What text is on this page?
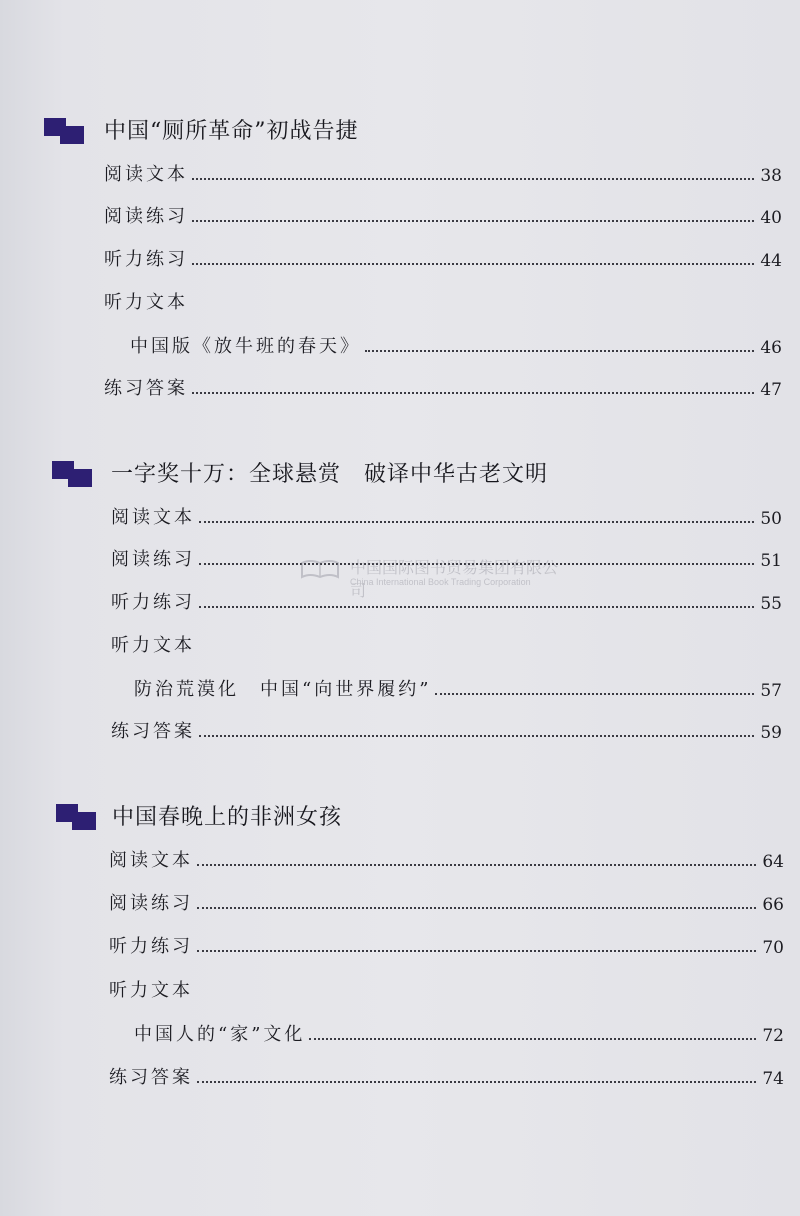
中国“厕所革命”初战告捷
阅读文本	38
阅读练习	40
听力练习	44
听力文本
中国版《放牛班的春天》	46
练习答案	47
一字奖十万：全球悬赏　破译中华古老文明
阅读文本	50
阅读练习	51
听力练习	55
听力文本
防治荒漠化　中国“向世界履约”	57
练习答案	59
中国春晚上的非洲女孩
阅读文本	64
阅读练习	66
听力练习	70
听力文本
中国人的“家”文化	72
练习答案	74
中国国际图书贸易集团有限公司
China International Book Trading Corporation
